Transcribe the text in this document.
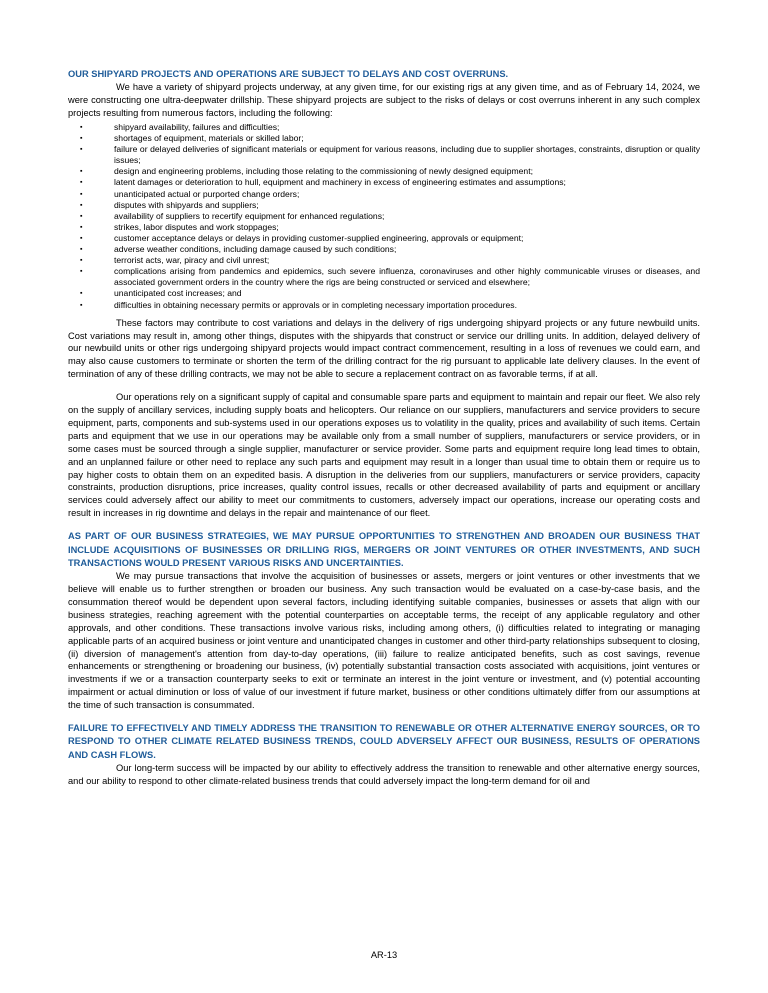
OUR SHIPYARD PROJECTS AND OPERATIONS ARE SUBJECT TO DELAYS AND COST OVERRUNS.

We have a variety of shipyard projects underway, at any given time, for our existing rigs at any given time, and as of February 14, 2024, we were constructing one ultra-deepwater drillship. These shipyard projects are subject to the risks of delays or cost overruns inherent in any such complex projects resulting from numerous factors, including the following:

▪	shipyard availability, failures and difficulties;
▪	shortages of equipment, materials or skilled labor;
▪	failure or delayed deliveries of significant materials or equipment for various reasons, including due to supplier shortages, constraints, disruption or quality issues;
▪	design and engineering problems, including those relating to the commissioning of newly designed equipment;
▪	latent damages or deterioration to hull, equipment and machinery in excess of engineering estimates and assumptions;
▪	unanticipated actual or purported change orders;
▪	disputes with shipyards and suppliers;
▪	availability of suppliers to recertify equipment for enhanced regulations;
▪	strikes, labor disputes and work stoppages;
▪	customer acceptance delays or delays in providing customer-supplied engineering, approvals or equipment;
▪	adverse weather conditions, including damage caused by such conditions;
▪	terrorist acts, war, piracy and civil unrest;
▪	complications arising from pandemics and epidemics, such severe influenza, coronaviruses and other highly communicable viruses or diseases, and associated government orders in the country where the rigs are being constructed or serviced and elsewhere;
▪	unanticipated cost increases; and
▪	difficulties in obtaining necessary permits or approvals or in completing necessary importation procedures.

These factors may contribute to cost variations and delays in the delivery of rigs undergoing shipyard projects or any future newbuild units. Cost variations may result in, among other things, disputes with the shipyards that construct or service our drilling units. In addition, delayed delivery of our newbuild units or other rigs undergoing shipyard projects would impact contract commencement, resulting in a loss of revenues we could earn, and may also cause customers to terminate or shorten the term of the drilling contract for the rig pursuant to applicable late delivery clauses. In the event of termination of any of these drilling contracts, we may not be able to secure a replacement contract on as favorable terms, if at all.

Our operations rely on a significant supply of capital and consumable spare parts and equipment to maintain and repair our fleet. We also rely on the supply of ancillary services, including supply boats and helicopters. Our reliance on our suppliers, manufacturers and service providers to secure equipment, parts, components and sub-systems used in our operations exposes us to volatility in the quality, prices and availability of such items. Certain parts and equipment that we use in our operations may be available only from a small number of suppliers, manufacturers or service providers, or in some cases must be sourced through a single supplier, manufacturer or service provider. Some parts and equipment require long lead times to obtain, and an unplanned failure or other need to replace any such parts and equipment may result in a longer than usual time to obtain them or require us to pay higher costs to obtain them on an expedited basis. A disruption in the deliveries from our suppliers, manufacturers or service providers, capacity constraints, production disruptions, price increases, quality control issues, recalls or other decreased availability of parts and equipment or ancillary services could adversely affect our ability to meet our commitments to customers, adversely impact our operations, increase our operating costs and result in increases in rig downtime and delays in the repair and maintenance of our fleet.

AS PART OF OUR BUSINESS STRATEGIES, WE MAY PURSUE OPPORTUNITIES TO STRENGTHEN AND BROADEN OUR BUSINESS THAT INCLUDE ACQUISITIONS OF BUSINESSES OR DRILLING RIGS, MERGERS OR JOINT VENTURES OR OTHER INVESTMENTS, AND SUCH TRANSACTIONS WOULD PRESENT VARIOUS RISKS AND UNCERTAINTIES.

We may pursue transactions that involve the acquisition of businesses or assets, mergers or joint ventures or other investments that we believe will enable us to further strengthen or broaden our business. Any such transaction would be evaluated on a case-by-case basis, and the consummation thereof would be dependent upon several factors, including identifying suitable companies, businesses or assets that align with our business strategies, reaching agreement with the potential counterparties on acceptable terms, the receipt of any applicable regulatory and other approvals, and other conditions. These transactions involve various risks, including among others, (i) difficulties related to integrating or managing applicable parts of an acquired business or joint venture and unanticipated changes in customer and other third-party relationships subsequent to closing, (ii) diversion of management's attention from day-to-day operations, (iii) failure to realize anticipated benefits, such as cost savings, revenue enhancements or strengthening or broadening our business, (iv) potentially substantial transaction costs associated with acquisitions, joint ventures or investments if we or a transaction counterparty seeks to exit or terminate an interest in the joint venture or investment, and (v) potential accounting impairment or actual diminution or loss of value of our investment if future market, business or other conditions ultimately differ from our assumptions at the time of such transaction is consummated.

FAILURE TO EFFECTIVELY AND TIMELY ADDRESS THE TRANSITION TO RENEWABLE OR OTHER ALTERNATIVE ENERGY SOURCES, OR TO RESPOND TO OTHER CLIMATE RELATED BUSINESS TRENDS, COULD ADVERSELY AFFECT OUR BUSINESS, RESULTS OF OPERATIONS AND CASH FLOWS.

Our long-term success will be impacted by our ability to effectively address the transition to renewable and other alternative energy sources, and our ability to respond to other climate-related business trends that could adversely impact the long-term demand for oil and

AR-13
